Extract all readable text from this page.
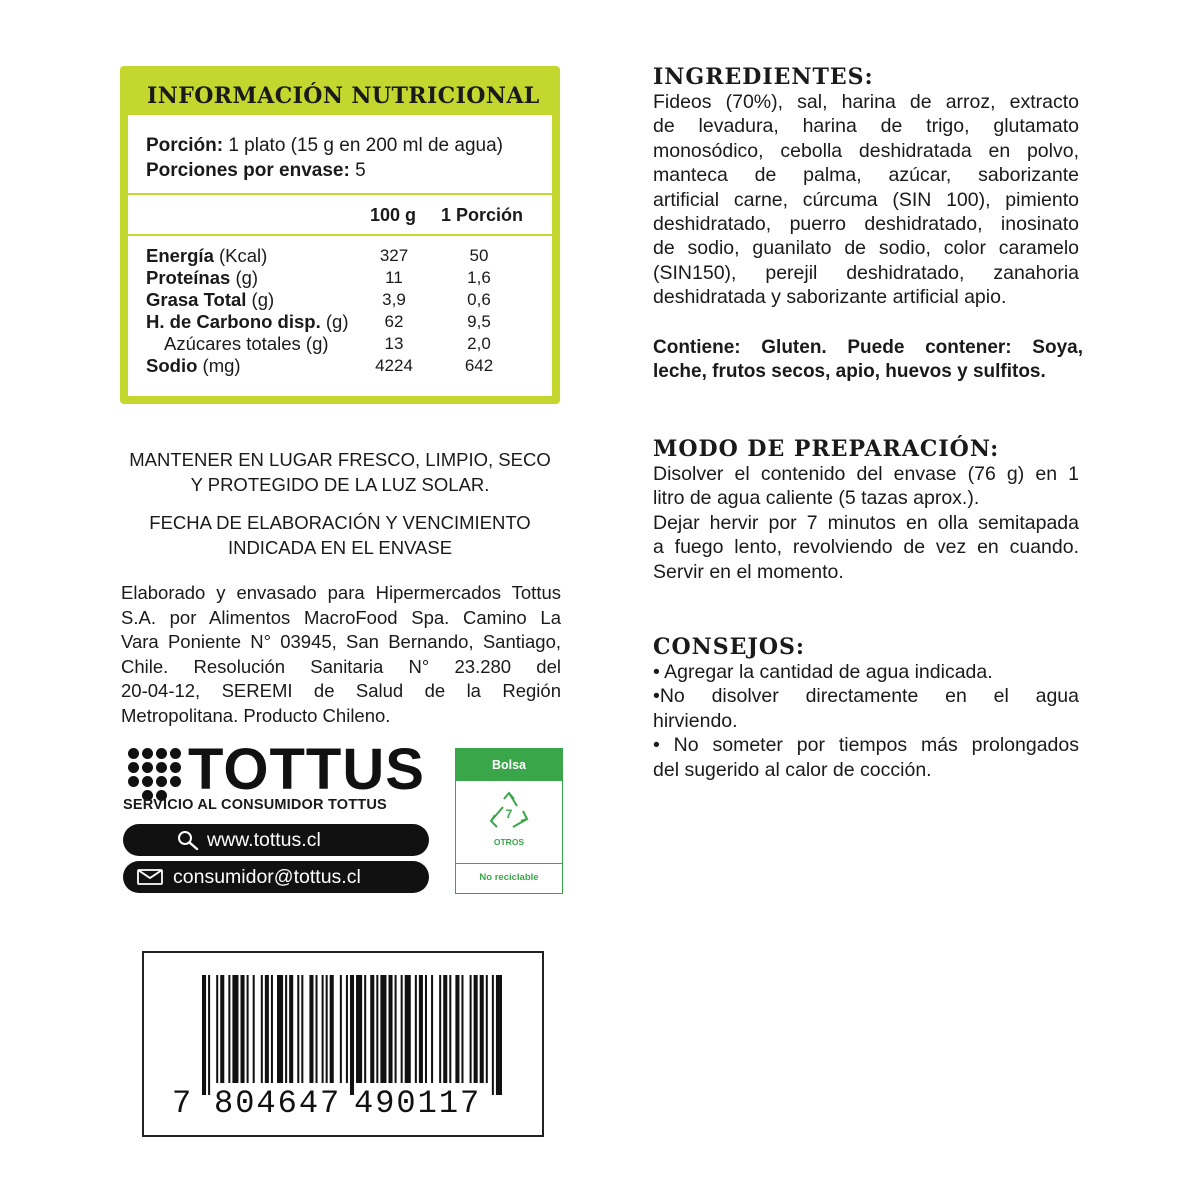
INFORMACIÓN NUTRICIONAL
Porción: 1 plato (15 g en 200 ml de agua)
Porciones por envase: 5
100 g 1 Porción
Energía (Kcal)	327	50
Proteínas (g)	11	1,6
Grasa Total (g)	3,9	0,6
H. de Carbono disp. (g)	62	9,5
Azúcares totales (g)	13	2,0
Sodio (mg)	4224	642
MANTENER EN LUGAR FRESCO, LIMPIO, SECO
Y PROTEGIDO DE LA LUZ SOLAR.
FECHA DE ELABORACIÓN Y VENCIMIENTO
INDICADA EN EL ENVASE
Elaborado y envasado para Hipermercados Tottus
S.A. por Alimentos MacroFood Spa. Camino La
Vara Poniente N° 03945, San Bernando, Santiago,
Chile. Resolución Sanitaria N° 23.280 del
20-04-12, SEREMI de Salud de la Región
Metropolitana. Producto Chileno.
TOTTUS
SERVICIO AL CONSUMIDOR TOTTUS
www.tottus.cl
consumidor@tottus.cl
Bolsa
7
OTROS
No reciclable
7 804647 490117
INGREDIENTES:
Fideos (70%), sal, harina de arroz, extracto
de levadura, harina de trigo, glutamato
monosódico, cebolla deshidratada en polvo,
manteca de palma, azúcar, saborizante
artificial carne, cúrcuma (SIN 100), pimiento
deshidratado, puerro deshidratado, inosinato
de sodio, guanilato de sodio, color caramelo
(SIN150), perejil deshidratado, zanahoria
deshidratada y saborizante artificial apio.
Contiene: Gluten. Puede contener: Soya,
leche, frutos secos, apio, huevos y sulfitos.
MODO DE PREPARACIÓN:
Disolver el contenido del envase (76 g) en 1
litro de agua caliente (5 tazas aprox.).
Dejar hervir por 7 minutos en olla semitapada
a fuego lento, revolviendo de vez en cuando.
Servir en el momento.
CONSEJOS:
• Agregar la cantidad de agua indicada.
•No disolver directamente en el agua
hirviendo.
• No someter por tiempos más prolongados
del sugerido al calor de cocción.
